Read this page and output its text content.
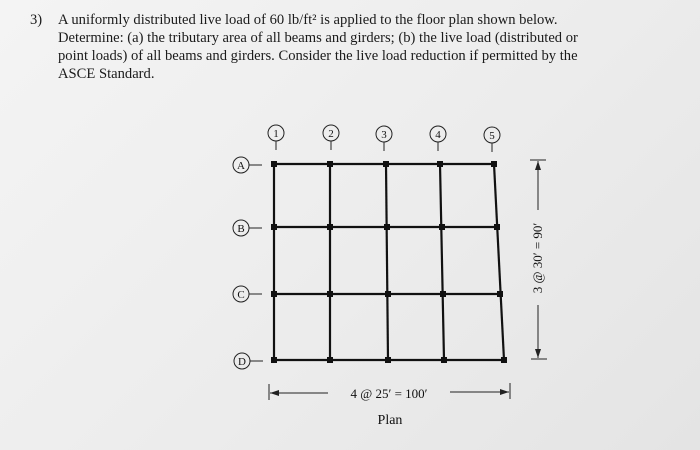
3) A uniformly distributed live load of 60 lb/ft² is applied to the floor plan shown below.
Determine: (a) the tributary area of all beams and girders; (b) the live load (distributed or
point loads) of all beams and girders. Consider the live load reduction if permitted by the
ASCE Standard.
1	2	3	4	5
A
B
C
D
4 @ 25′ = 100′
3 @ 30′ = 90′
Plan
